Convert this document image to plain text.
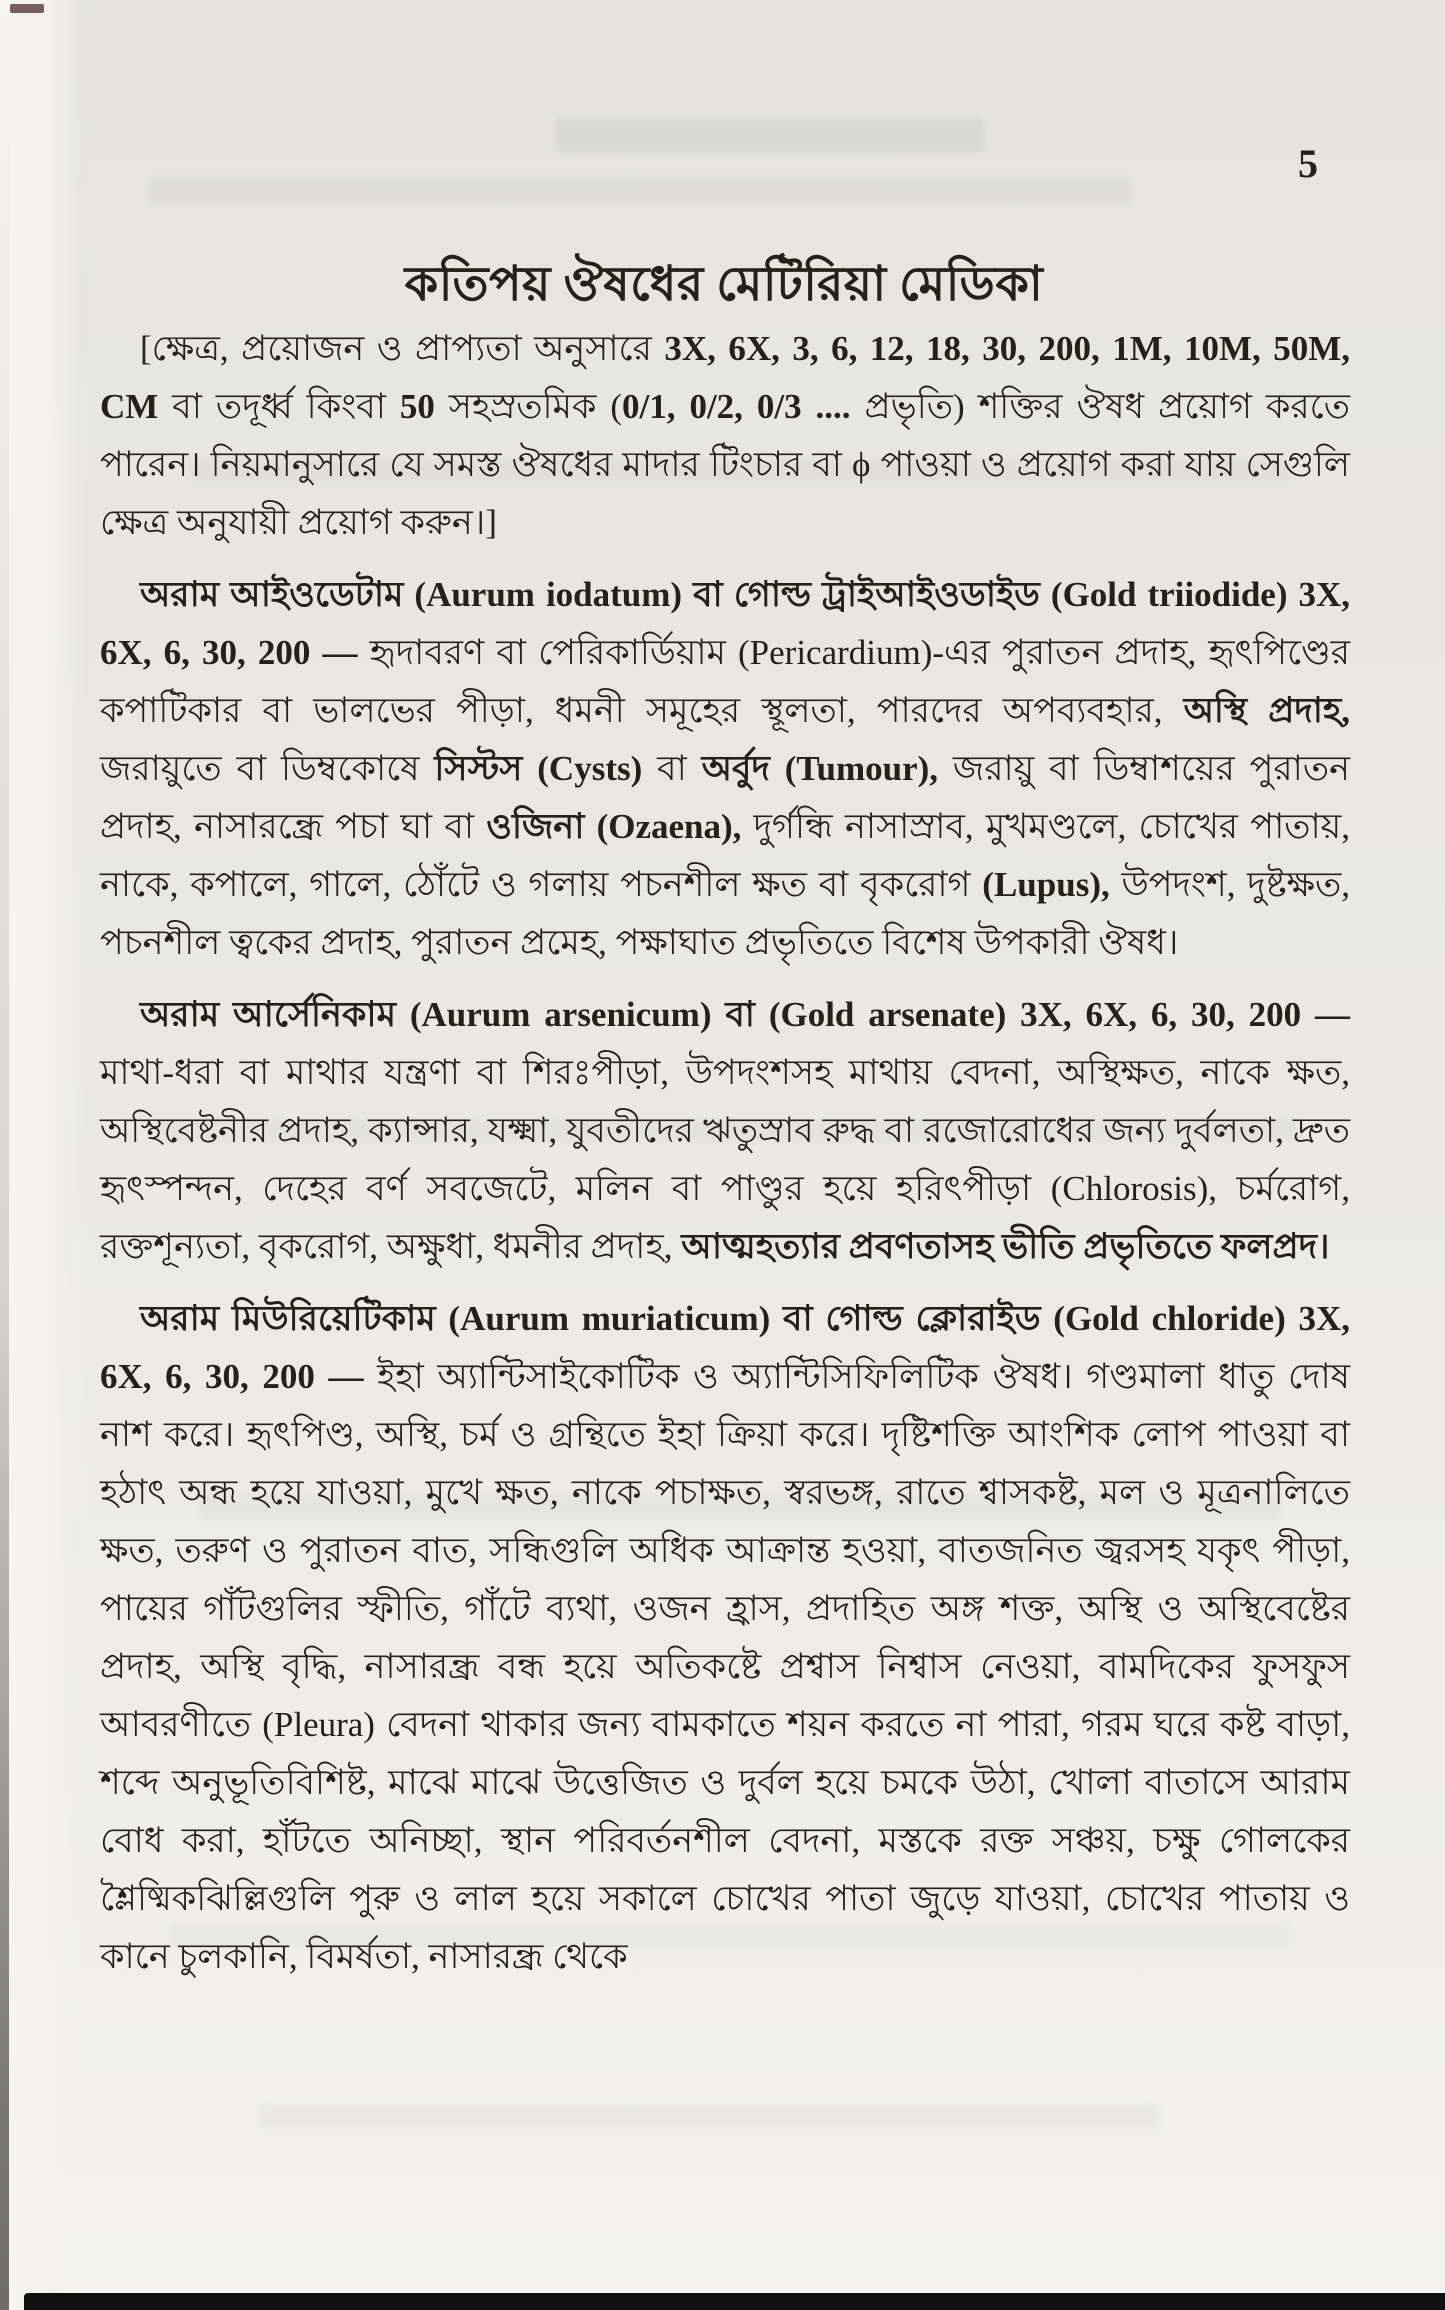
5
কতিপয় ঔষধের মেটিরিয়া মেডিকা

[ক্ষেত্র, প্রয়োজন ও প্রাপ্যতা অনুসারে 3X, 6X, 3, 6, 12, 18, 30, 200, 1M, 10M, 50M, CM বা তদূর্ধ্ব কিংবা 50 সহস্রতমিক (0/1, 0/2, 0/3 .... প্রভৃতি) শক্তির ঔষধ প্রয়োগ করতে পারেন। নিয়মানুসারে যে সমস্ত ঔষধের মাদার টিংচার বা ϕ পাওয়া ও প্রয়োগ করা যায় সেগুলি ক্ষেত্র অনুযায়ী প্রয়োগ করুন।]

অরাম আইওডেটাম (Aurum iodatum) বা গোল্ড ট্রাইআইওডাইড (Gold triiodide) 3X, 6X, 6, 30, 200 — হৃদাবরণ বা পেরিকার্ডিয়াম (Pericardium)-এর পুরাতন প্রদাহ, হৃৎপিণ্ডের কপাটিকার বা ভালভের পীড়া, ধমনী সমূহের স্থূলতা, পারদের অপব্যবহার, অস্থি প্রদাহ, জরায়ুতে বা ডিম্বকোষে সিস্টস (Cysts) বা অর্বুদ (Tumour), জরায়ু বা ডিম্বাশয়ের পুরাতন প্রদাহ, নাসারন্ধ্রে পচা ঘা বা ওজিনা (Ozaena), দুর্গন্ধি নাসাস্রাব, মুখমণ্ডলে, চোখের পাতায়, নাকে, কপালে, গালে, ঠোঁটে ও গলায় পচনশীল ক্ষত বা বৃকরোগ (Lupus), উপদংশ, দুষ্টক্ষত, পচনশীল ত্বকের প্রদাহ, পুরাতন প্রমেহ, পক্ষাঘাত প্রভৃতিতে বিশেষ উপকারী ঔষধ।

অরাম আর্সেনিকাম (Aurum arsenicum) বা (Gold arsenate) 3X, 6X, 6, 30, 200 — মাথা-ধরা বা মাথার যন্ত্রণা বা শিরঃপীড়া, উপদংশসহ মাথায় বেদনা, অস্থিক্ষত, নাকে ক্ষত, অস্থিবেষ্টনীর প্রদাহ, ক্যান্সার, যক্ষ্মা, যুবতীদের ঋতুস্রাব রুদ্ধ বা রজোরোধের জন্য দুর্বলতা, দ্রুত হৃৎস্পন্দন, দেহের বর্ণ সবজেটে, মলিন বা পাণ্ডুর হয়ে হরিৎপীড়া (Chlorosis), চর্মরোগ, রক্তশূন্যতা, বৃকরোগ, অক্ষুধা, ধমনীর প্রদাহ, আত্মহত্যার প্রবণতাসহ ভীতি প্রভৃতিতে ফলপ্রদ।

অরাম মিউরিয়েটিকাম (Aurum muriaticum) বা গোল্ড ক্লোরাইড (Gold chloride) 3X, 6X, 6, 30, 200 — ইহা অ্যান্টিসাইকোটিক ও অ্যান্টিসিফিলিটিক ঔষধ। গণ্ডমালা ধাতু দোষ নাশ করে। হৃৎপিণ্ড, অস্থি, চর্ম ও গ্রন্থিতে ইহা ক্রিয়া করে। দৃষ্টিশক্তি আংশিক লোপ পাওয়া বা হঠাৎ অন্ধ হয়ে যাওয়া, মুখে ক্ষত, নাকে পচাক্ষত, স্বরভঙ্গ, রাতে শ্বাসকষ্ট, মল ও মূত্রনালিতে ক্ষত, তরুণ ও পুরাতন বাত, সন্ধিগুলি অধিক আক্রান্ত হওয়া, বাতজনিত জ্বরসহ যকৃৎ পীড়া, পায়ের গাঁটগুলির স্ফীতি, গাঁটে ব্যথা, ওজন হ্রাস, প্রদাহিত অঙ্গ শক্ত, অস্থি ও অস্থিবেষ্টের প্রদাহ, অস্থি বৃদ্ধি, নাসারন্ধ্র বন্ধ হয়ে অতিকষ্টে প্রশ্বাস নিশ্বাস নেওয়া, বামদিকের ফুসফুস আবরণীতে (Pleura) বেদনা থাকার জন্য বামকাতে শয়ন করতে না পারা, গরম ঘরে কষ্ট বাড়া, শব্দে অনুভূতিবিশিষ্ট, মাঝে মাঝে উত্তেজিত ও দুর্বল হয়ে চমকে উঠা, খোলা বাতাসে আরাম বোধ করা, হাঁটতে অনিচ্ছা, স্থান পরিবর্তনশীল বেদনা, মস্তকে রক্ত সঞ্চয়, চক্ষু গোলকের শ্লৈষ্মিকঝিল্লিগুলি পুরু ও লাল হয়ে সকালে চোখের পাতা জুড়ে যাওয়া, চোখের পাতায় ও কানে চুলকানি, বিমর্ষতা, নাসারন্ধ্র থেকে
